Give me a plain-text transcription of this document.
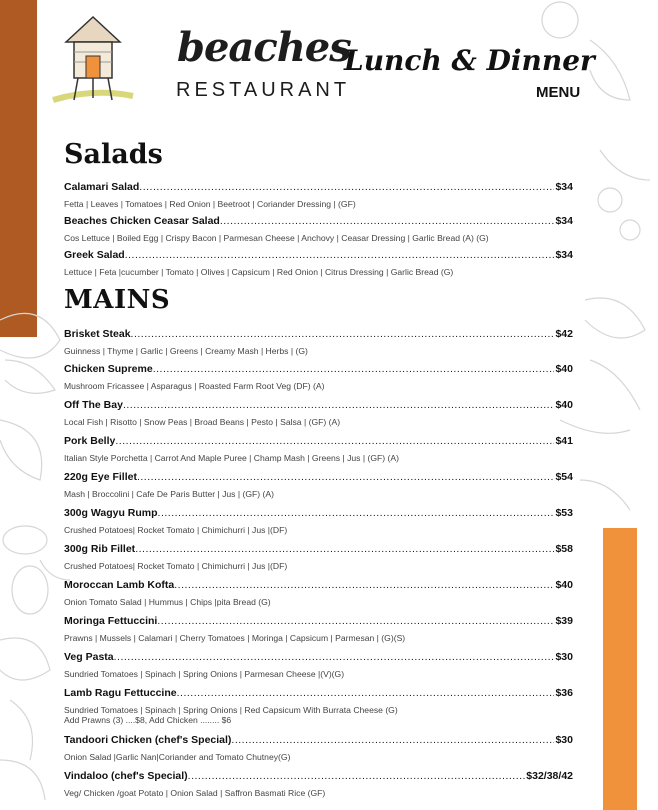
beaches
RESTAURANT
Lunch & Dinner
MENU
Salads
Calamari Salad .....	$34
Fetta | Leaves | Tomatoes | Red Onion | Beetroot | Coriander Dressing | (GF)
Beaches Chicken Ceasar Salad .....	$34
Cos Lettuce | Boiled Egg | Crispy Bacon | Parmesan Cheese | Anchovy | Ceasar Dressing | Garlic Bread (A) (G)
Greek Salad .....	$34
Lettuce | Feta |cucumber | Tomato | Olives | Capsicum | Red Onion | Citrus Dressing | Garlic Bread (G)
MAINS
Brisket Steak .....	$42
Guinness | Thyme | Garlic | Greens | Creamy Mash | Herbs | (G)
Chicken Supreme .....	$40
Mushroom Fricassee | Asparagus | Roasted Farm Root Veg (DF) (A)
Off The Bay .....	$40
Local Fish | Risotto | Snow Peas | Broad Beans | Pesto | Salsa | (GF) (A)
Pork Belly .....	$41
Italian Style Porchetta | Carrot And Maple Puree | Champ Mash | Greens | Jus | (GF) (A)
220g Eye Fillet .....	$54
Mash | Broccolini | Cafe De Paris Butter | Jus | (GF) (A)
300g Wagyu Rump .....	$53
Crushed Potatoes| Rocket Tomato | Chimichurri | Jus |(DF)
300g Rib Fillet .....	$58
Crushed Potatoes| Rocket Tomato | Chimichurri | Jus |(DF)
Moroccan Lamb Kofta .....	$40
Onion Tomato Salad | Hummus | Chips |pita Bread (G)
Moringa Fettuccini .....	$39
Prawns | Mussels | Calamari | Cherry Tomatoes | Moringa | Capsicum | Parmesan | (G)(S)
Veg Pasta .....	$30
Sundried Tomatoes | Spinach | Spring Onions | Parmesan Cheese |(V)(G)
Lamb Ragu Fettuccine .....	$36
Sundried Tomatoes | Spinach | Spring Onions | Red Capsicum With Burrata Cheese (G)
Add Prawns (3) ....$8, Add Chicken ........ $6
Tandoori Chicken (chef's Special) .....	$30
Onion Salad |Garlic Nan|Coriander and Tomato Chutney(G)
Vindaloo (chef's Special) .....	$32/38/42
Veg/ Chicken /goat Potato | Onion Salad | Saffron Basmati Rice (GF)
